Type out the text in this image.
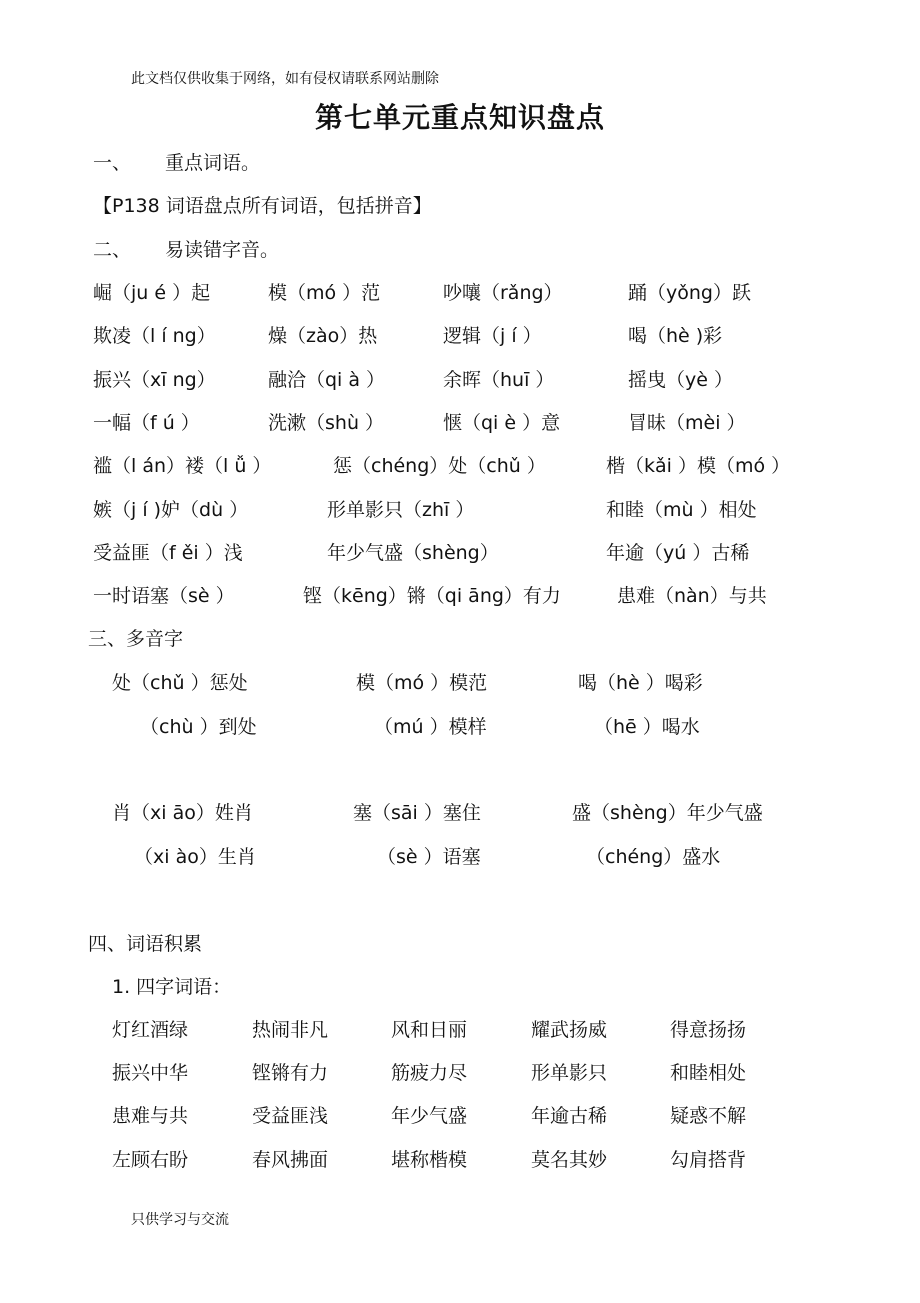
此文档仅供收集于网络，如有侵权请联系网站删除
第七单元重点知识盘点
一、 重点词语。
【P138 词语盘点所有词语，包括拼音】
二、 易读错字音。
崛（ju é ）起	模（mó ）范	吵嚷（rǎng）	踊（yǒng）跃
欺凌（l í ng）	燥（zào）热	逻辑（j í ）	喝（hè )彩
振兴（xī ng）	融洽（qi à ）	余晖（huī ）	摇曳（yè ）
一幅（f ú ）	洗漱（shù ）	惬（qi è ）意	冒昧（mèi ）
褴（l án）褛（l ǚ ）	惩（chéng）处（chǔ ）	楷（kǎi ）模（mó ）
嫉（j í )妒（dù ）	形单影只（zhī ）	和睦（mù ）相处
受益匪（f ěi ）浅	年少气盛（shèng）	年逾（yú ）古稀
一时语塞（sè ）	铿（kēng）锵（qi āng）有力	患难（nàn）与共
三、多音字
处（chǔ ）惩处	模（mó ）模范	喝（hè ）喝彩
（chù ）到处	（mú ）模样	（hē ）喝水
肖（xi āo）姓肖	塞（sāi ）塞住	盛（shèng）年少气盛
（xi ào）生肖	（sè ）语塞	（chéng）盛水
四、词语积累
1. 四字词语：
灯红酒绿	热闹非凡	风和日丽	耀武扬威	得意扬扬
振兴中华	铿锵有力	筋疲力尽	形单影只	和睦相处
患难与共	受益匪浅	年少气盛	年逾古稀	疑惑不解
左顾右盼	春风拂面	堪称楷模	莫名其妙	勾肩搭背
只供学习与交流
